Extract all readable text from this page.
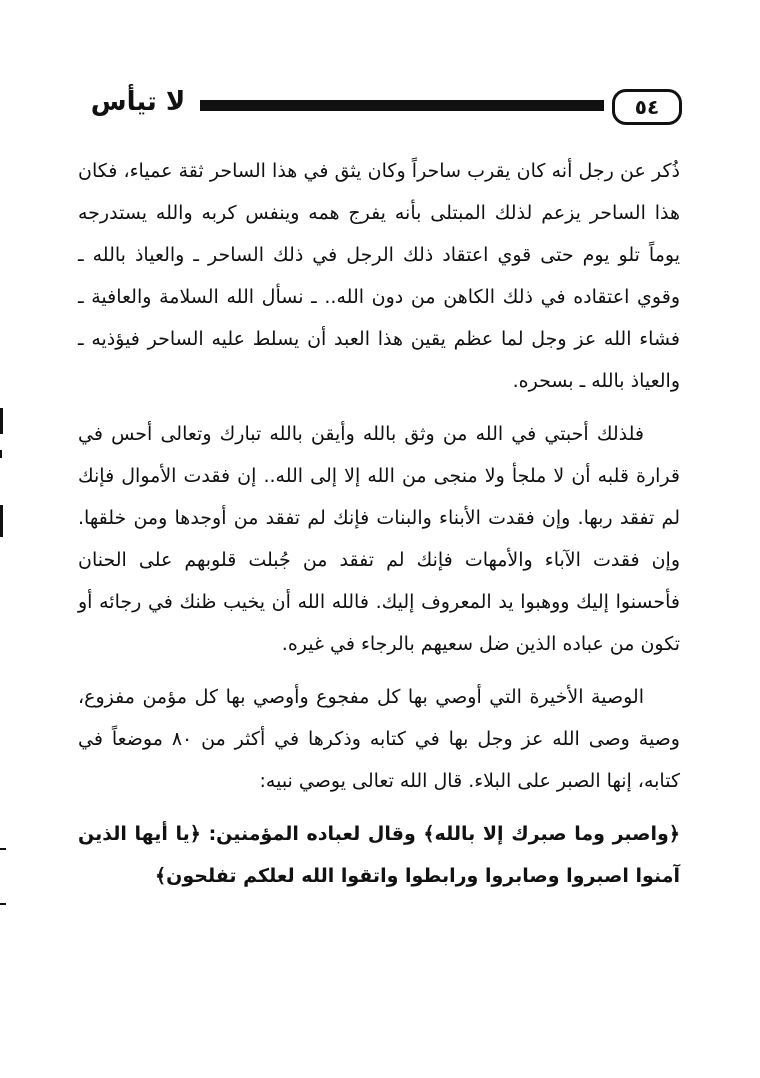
٥٤
لا تيأس

ذُكر عن رجل أنه كان يقرب ساحراً وكان يثق في هذا الساحر ثقة عمياء، فكان هذا الساحر يزعم لذلك المبتلى بأنه يفرج همه وينفس كربه والله يستدرجه يوماً تلو يوم حتى قوي اعتقاد ذلك الرجل في ذلك الساحر ـ والعياذ بالله ـ وقوي اعتقاده في ذلك الكاهن من دون الله.. ـ نسأل الله السلامة والعافية ـ فشاء الله عز وجل لما عظم يقين هذا العبد أن يسلط عليه الساحر فيؤذيه ـ والعياذ بالله ـ بسحره.

فلذلك أحبتي في الله من وثق بالله وأيقن بالله تبارك وتعالى أحس في قرارة قلبه أن لا ملجأ ولا منجى من الله إلا إلى الله.. إن فقدت الأموال فإنك لم تفقد ربها. وإن فقدت الأبناء والبنات فإنك لم تفقد من أوجدها ومن خلقها. وإن فقدت الآباء والأمهات فإنك لم تفقد من جُبلت قلوبهم على الحنان فأحسنوا إليك ووهبوا يد المعروف إليك. فالله الله أن يخيب ظنك في رجائه أو تكون من عباده الذين ضل سعيهم بالرجاء في غيره.

الوصية الأخيرة التي أوصي بها كل مفجوع وأوصي بها كل مؤمن مفزوع، وصية وصى الله عز وجل بها في كتابه وذكرها في أكثر من ٨٠ موضعاً في كتابه، إنها الصبر على البلاء. قال الله تعالى يوصي نبيه:

﴿واصبر وما صبرك إلا بالله﴾ وقال لعباده المؤمنين: ﴿يا أيها الذين آمنوا اصبروا وصابروا ورابطوا واتقوا الله لعلكم تفلحون﴾
